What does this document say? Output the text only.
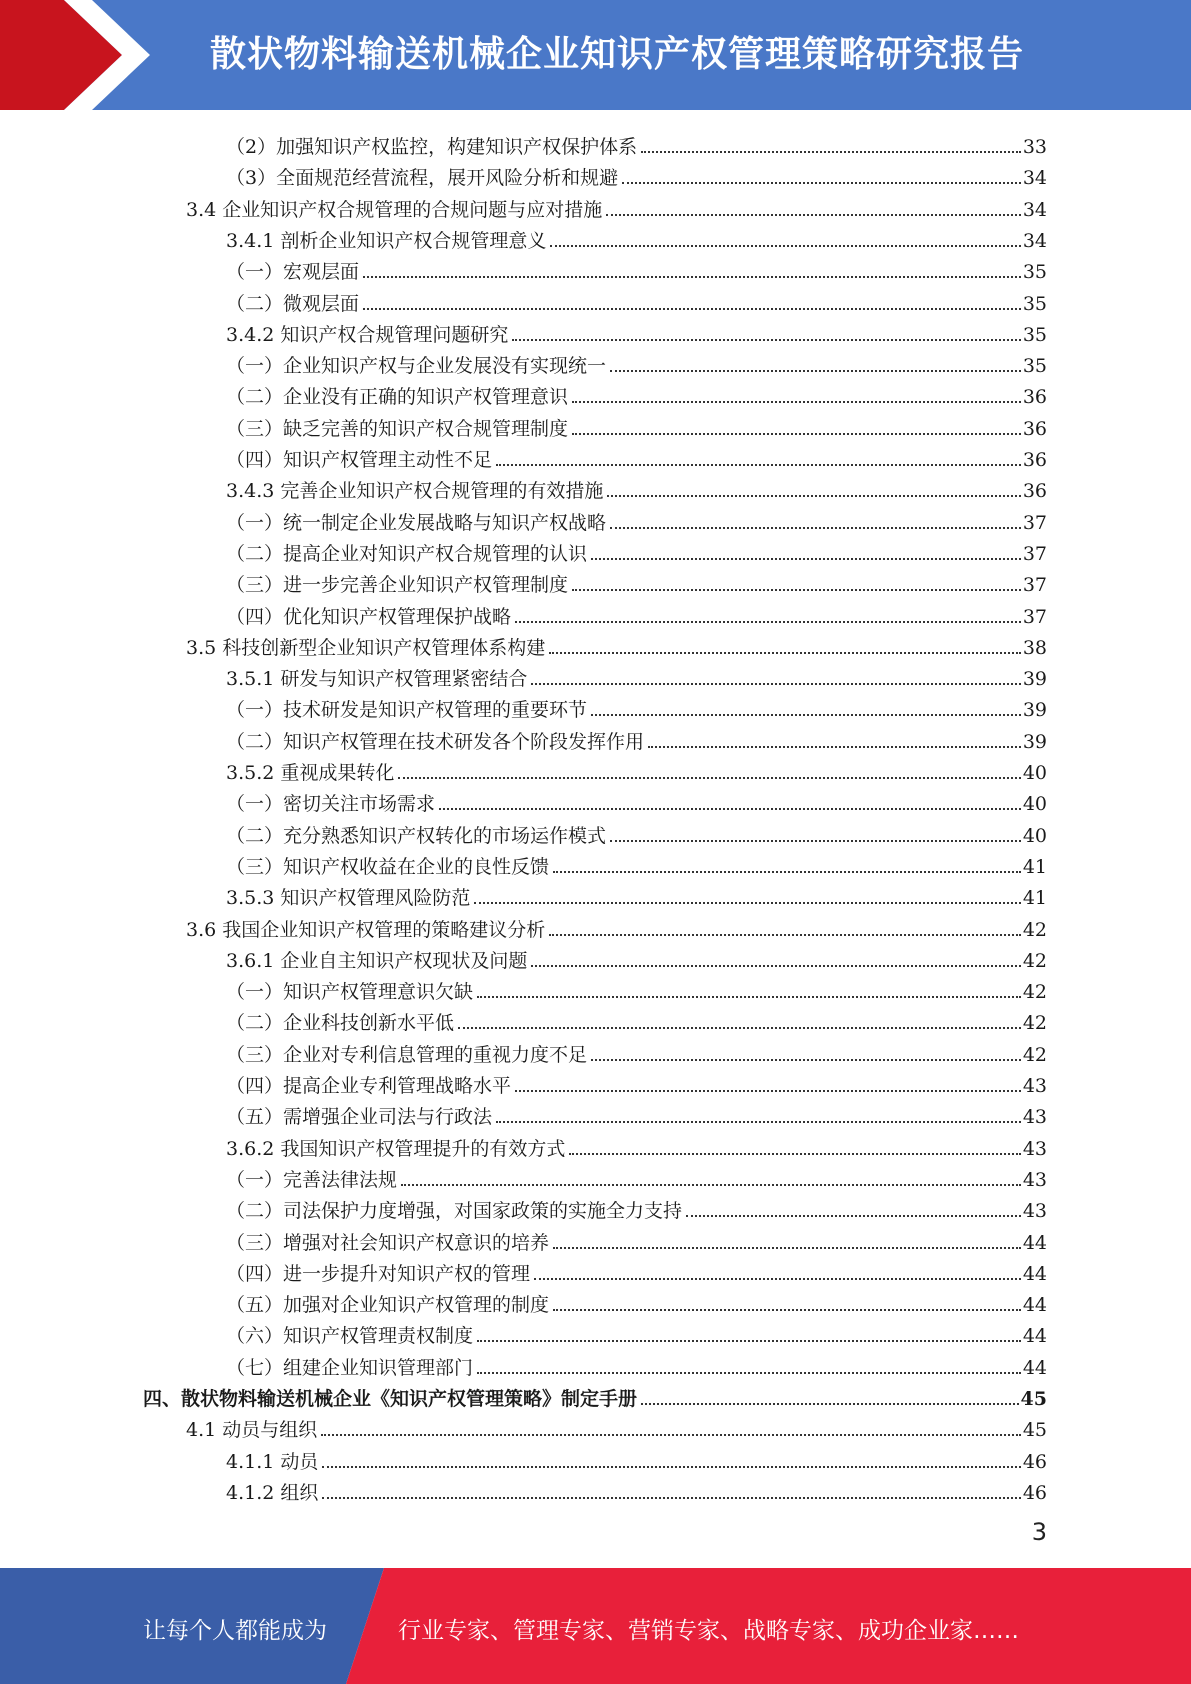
散状物料输送机械企业知识产权管理策略研究报告
（2）加强知识产权监控，构建知识产权保护体系	33
（3）全面规范经营流程，展开风险分析和规避	34
3.4 企业知识产权合规管理的合规问题与应对措施	34
3.4.1 剖析企业知识产权合规管理意义	34
（一）宏观层面	35
（二）微观层面	35
3.4.2 知识产权合规管理问题研究	35
（一）企业知识产权与企业发展没有实现统一	35
（二）企业没有正确的知识产权管理意识	36
（三）缺乏完善的知识产权合规管理制度	36
（四）知识产权管理主动性不足	36
3.4.3 完善企业知识产权合规管理的有效措施	36
（一）统一制定企业发展战略与知识产权战略	37
（二）提高企业对知识产权合规管理的认识	37
（三）进一步完善企业知识产权管理制度	37
（四）优化知识产权管理保护战略	37
3.5 科技创新型企业知识产权管理体系构建	38
3.5.1 研发与知识产权管理紧密结合	39
（一）技术研发是知识产权管理的重要环节	39
（二）知识产权管理在技术研发各个阶段发挥作用	39
3.5.2 重视成果转化	40
（一）密切关注市场需求	40
（二）充分熟悉知识产权转化的市场运作模式	40
（三）知识产权收益在企业的良性反馈	41
3.5.3 知识产权管理风险防范	41
3.6 我国企业知识产权管理的策略建议分析	42
3.6.1 企业自主知识产权现状及问题	42
（一）知识产权管理意识欠缺	42
（二）企业科技创新水平低	42
（三）企业对专利信息管理的重视力度不足	42
（四）提高企业专利管理战略水平	43
（五）需增强企业司法与行政法	43
3.6.2 我国知识产权管理提升的有效方式	43
（一）完善法律法规	43
（二）司法保护力度增强，对国家政策的实施全力支持	43
（三）增强对社会知识产权意识的培养	44
（四）进一步提升对知识产权的管理	44
（五）加强对企业知识产权管理的制度	44
（六）知识产权管理责权制度	44
（七）组建企业知识管理部门	44
四、散状物料输送机械企业《知识产权管理策略》制定手册	45
4.1 动员与组织	45
4.1.1 动员	46
4.1.2 组织	46
3
让每个人都能成为	行业专家、管理专家、营销专家、战略专家、成功企业家……
